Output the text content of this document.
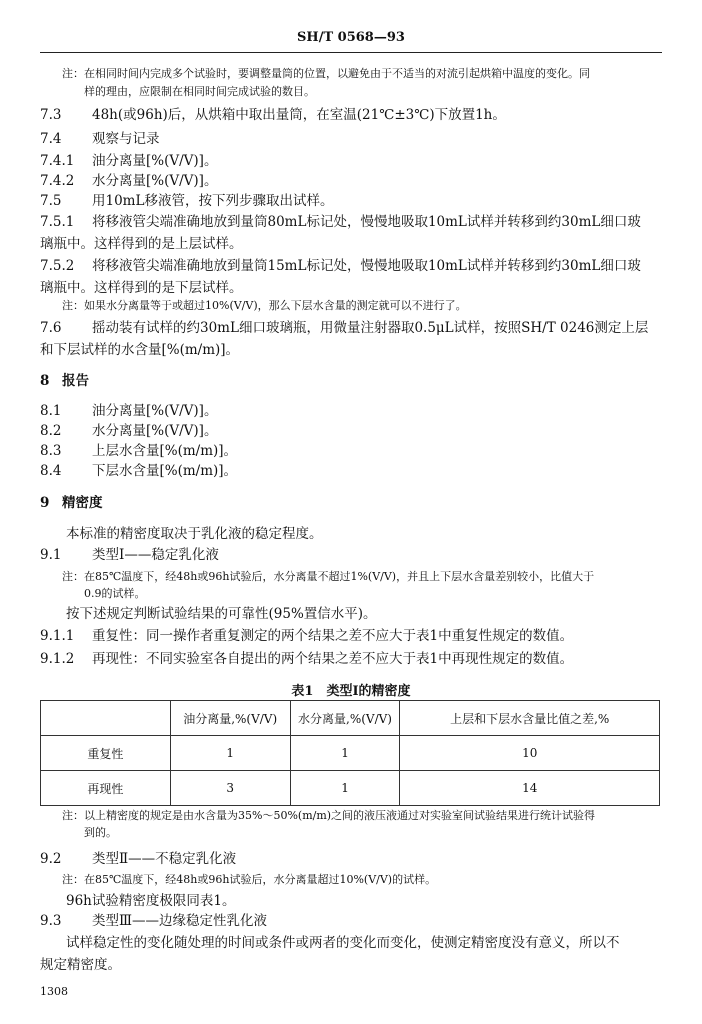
SH/T 0568—93
注：在相同时间内完成多个试验时，要调整量筒的位置，以避免由于不适当的对流引起烘箱中温度的变化。同
样的理由，应限制在相同时间完成试验的数目。
7.3 48h(或96h)后，从烘箱中取出量筒，在室温(21℃±3℃)下放置1h。
7.4 观察与记录
7.4.1 油分离量[%(V/V)]。
7.4.2 水分离量[%(V/V)]。
7.5 用10mL移液管，按下列步骤取出试样。
7.5.1 将移液管尖端准确地放到量筒80mL标记处，慢慢地吸取10mL试样并转移到约30mL细口玻
璃瓶中。这样得到的是上层试样。
7.5.2 将移液管尖端准确地放到量筒15mL标记处，慢慢地吸取10mL试样并转移到约30mL细口玻
璃瓶中。这样得到的是下层试样。
注：如果水分离量等于或超过10%(V/V)，那么下层水含量的测定就可以不进行了。
7.6 摇动装有试样的约30mL细口玻璃瓶，用微量注射器取0.5μL试样，按照SH/T 0246测定上层
和下层试样的水含量[%(m/m)]。
8 报告
8.1 油分离量[%(V/V)]。
8.2 水分离量[%(V/V)]。
8.3 上层水含量[%(m/m)]。
8.4 下层水含量[%(m/m)]。
9 精密度
本标准的精密度取决于乳化液的稳定程度。
9.1 类型Ⅰ——稳定乳化液
注：在85℃温度下，经48h或96h试验后，水分离量不超过1%(V/V)，并且上下层水含量差别较小，比值大于
0.9的试样。
按下述规定判断试验结果的可靠性(95%置信水平)。
9.1.1 重复性：同一操作者重复测定的两个结果之差不应大于表1中重复性规定的数值。
9.1.2 再现性：不同实验室各自提出的两个结果之差不应大于表1中再现性规定的数值。
表1　类型Ⅰ的精密度
	油分离量,%(V/V)	水分离量,%(V/V)	上层和下层水含量比值之差,%
重复性	1	1	10
再现性	3	1	14
注：以上精密度的规定是由水含量为35%～50%(m/m)之间的液压液通过对实验室间试验结果进行统计试验得
到的。
9.2 类型Ⅱ——不稳定乳化液
注：在85℃温度下，经48h或96h试验后，水分离量超过10%(V/V)的试样。
96h试验精密度极限同表1。
9.3 类型Ⅲ——边缘稳定性乳化液
试样稳定性的变化随处理的时间或条件或两者的变化而变化，使测定精密度没有意义，所以不
规定精密度。
1308
